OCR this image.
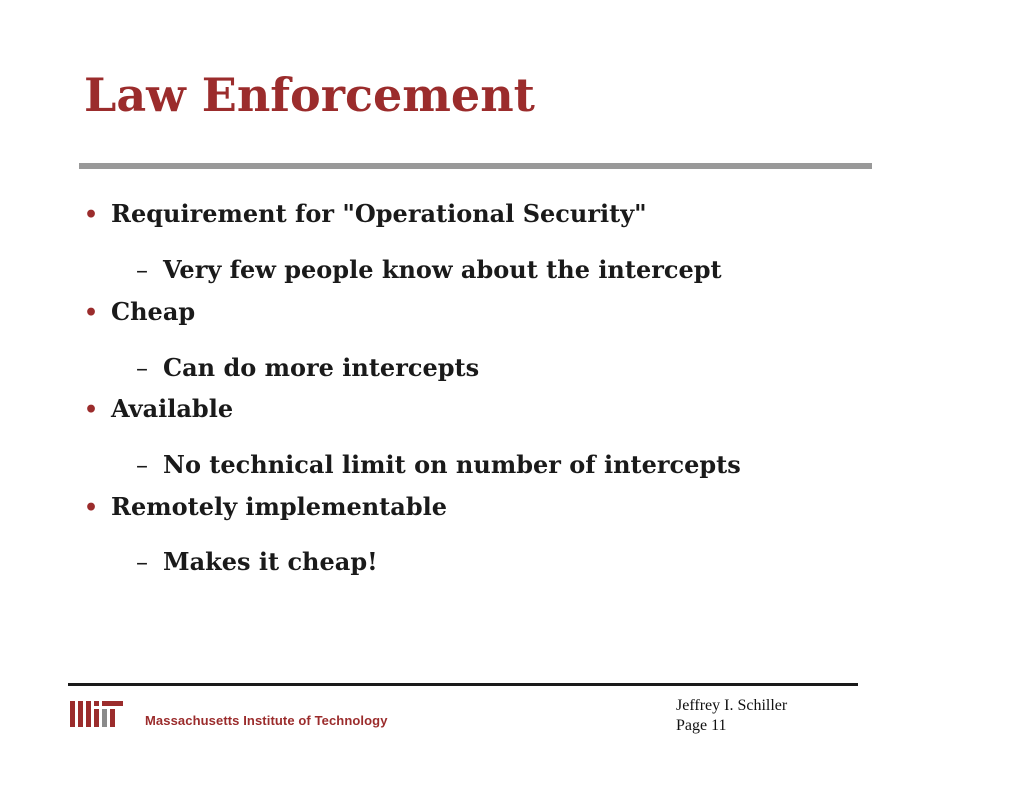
Law Enforcement
• Requirement for "Operational Security"
– Very few people know about the intercept
• Cheap
– Can do more intercepts
• Available
– No technical limit on number of intercepts
• Remotely implementable
– Makes it cheap!
Massachusetts Institute of Technology
Jeffrey I. Schiller
Page 11
